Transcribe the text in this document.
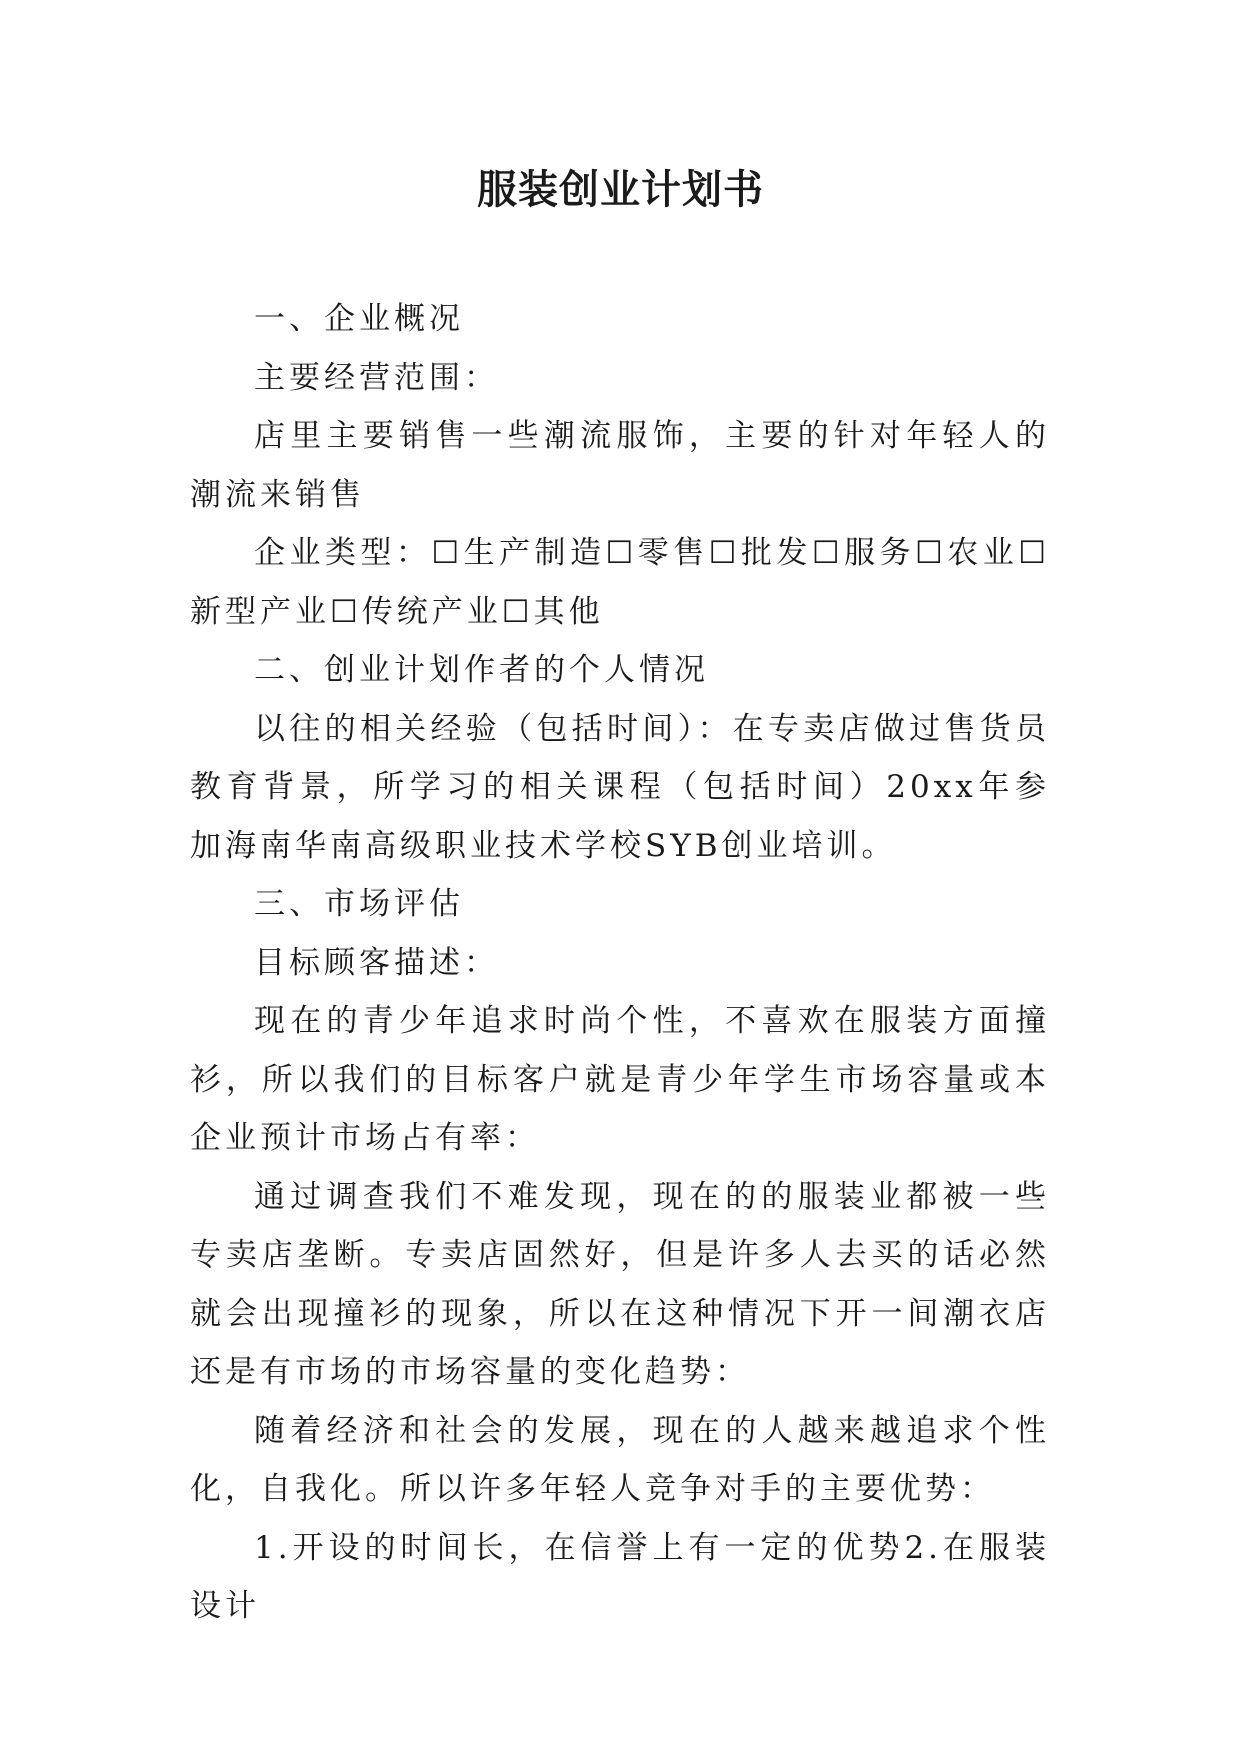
服装创业计划书

一、企业概况

主要经营范围：

店里主要销售一些潮流服饰，主要的针对年轻人的潮流来销售

企业类型：☐生产制造☐零售☐批发☐服务☐农业☐新型产业☐传统产业☐其他

二、创业计划作者的个人情况

以往的相关经验（包括时间）：在专卖店做过售货员教育背景，所学习的相关课程（包括时间）20xx年参加海南华南高级职业技术学校SYB创业培训。

三、市场评估

目标顾客描述：

现在的青少年追求时尚个性，不喜欢在服装方面撞衫，所以我们的目标客户就是青少年学生市场容量或本企业预计市场占有率：

通过调查我们不难发现，现在的的服装业都被一些专卖店垄断。专卖店固然好，但是许多人去买的话必然就会出现撞衫的现象，所以在这种情况下开一间潮衣店还是有市场的市场容量的变化趋势：

随着经济和社会的发展，现在的人越来越追求个性化，自我化。所以许多年轻人竞争对手的主要优势：

1.开设的时间长，在信誉上有一定的优势2.在服装设计
